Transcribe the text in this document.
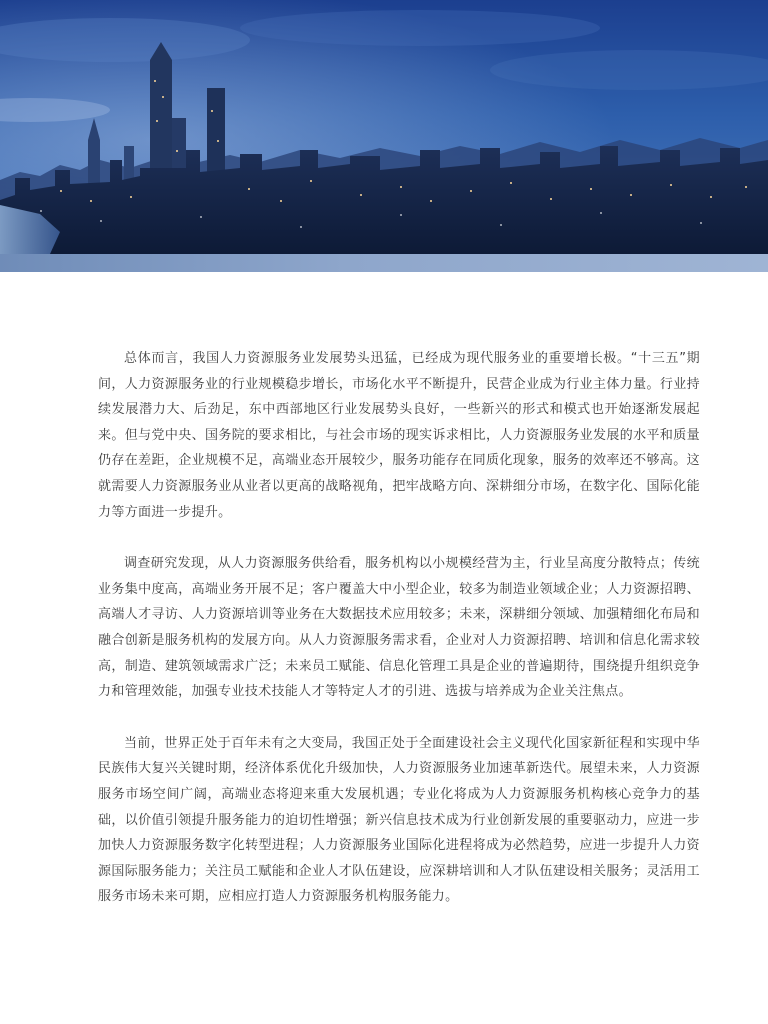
总体而言，我国人力资源服务业发展势头迅猛，已经成为现代服务业的重要增长极。“十三五”期间，人力资源服务业的行业规模稳步增长，市场化水平不断提升，民营企业成为行业主体力量。行业持续发展潜力大、后劲足，东中西部地区行业发展势头良好，一些新兴的形式和模式也开始逐渐发展起来。但与党中央、国务院的要求相比，与社会市场的现实诉求相比，人力资源服务业发展的水平和质量仍存在差距，企业规模不足，高端业态开展较少，服务功能存在同质化现象，服务的效率还不够高。这就需要人力资源服务业从业者以更高的战略视角，把牢战略方向、深耕细分市场，在数字化、国际化能力等方面进一步提升。

调查研究发现，从人力资源服务供给看，服务机构以小规模经营为主，行业呈高度分散特点；传统业务集中度高，高端业务开展不足；客户覆盖大中小型企业，较多为制造业领域企业；人力资源招聘、高端人才寻访、人力资源培训等业务在大数据技术应用较多；未来，深耕细分领域、加强精细化布局和融合创新是服务机构的发展方向。从人力资源服务需求看，企业对人力资源招聘、培训和信息化需求较高，制造、建筑领域需求广泛；未来员工赋能、信息化管理工具是企业的普遍期待，围绕提升组织竞争力和管理效能，加强专业技术技能人才等特定人才的引进、选拔与培养成为企业关注焦点。

当前，世界正处于百年未有之大变局，我国正处于全面建设社会主义现代化国家新征程和实现中华民族伟大复兴关键时期，经济体系优化升级加快，人力资源服务业加速革新迭代。展望未来，人力资源服务市场空间广阔，高端业态将迎来重大发展机遇；专业化将成为人力资源服务机构核心竞争力的基础，以价值引领提升服务能力的迫切性增强；新兴信息技术成为行业创新发展的重要驱动力，应进一步加快人力资源服务数字化转型进程；人力资源服务业国际化进程将成为必然趋势，应进一步提升人力资源国际服务能力；关注员工赋能和企业人才队伍建设，应深耕培训和人才队伍建设相关服务；灵活用工服务市场未来可期，应相应打造人力资源服务机构服务能力。
